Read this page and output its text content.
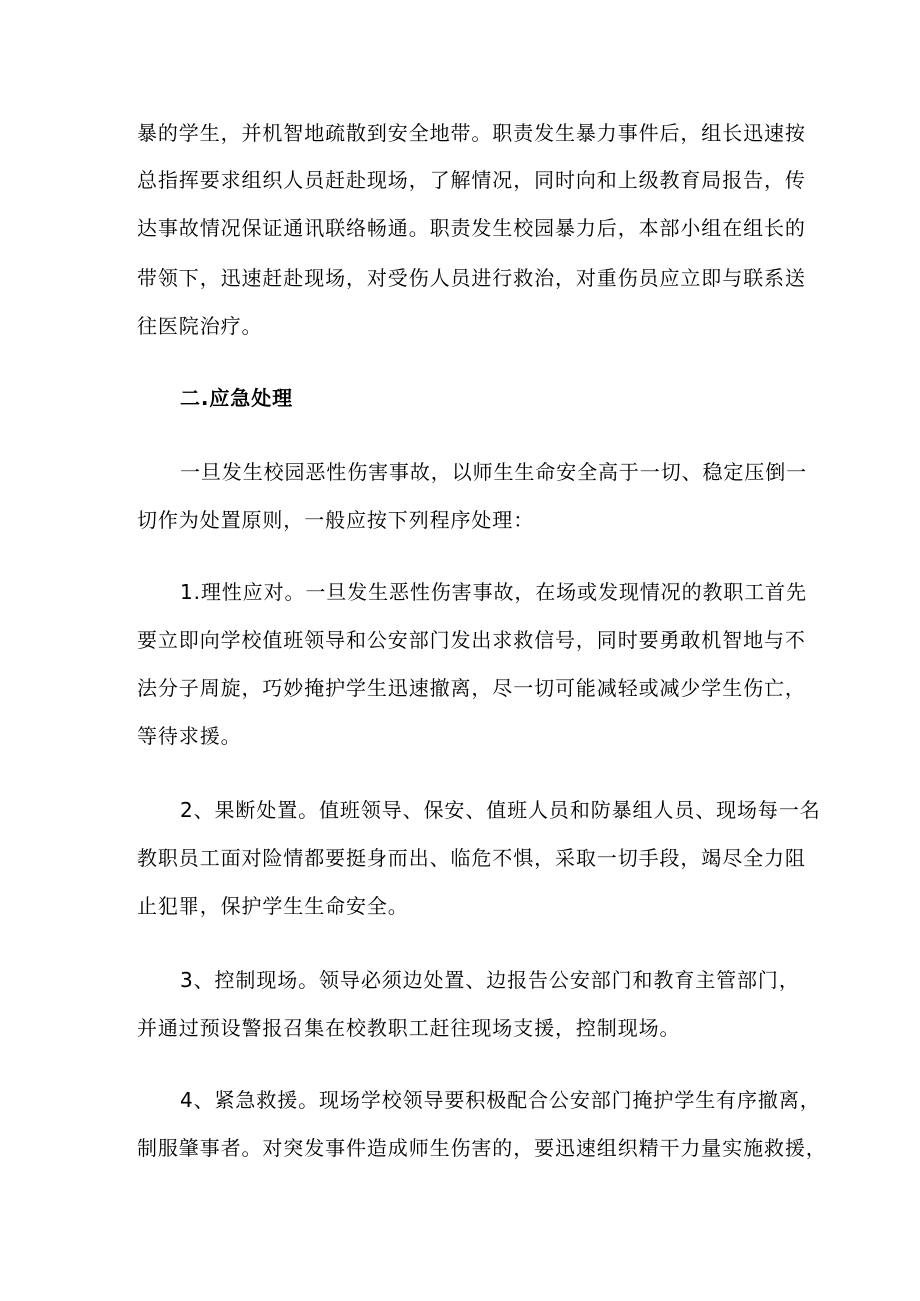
暴的学生，并机智地疏散到安全地带。职责发生暴力事件后，组长迅速按
总指挥要求组织人员赶赴现场，了解情况，同时向和上级教育局报告，传
达事故情况保证通讯联络畅通。职责发生校园暴力后，本部小组在组长的
带领下，迅速赶赴现场，对受伤人员进行救治，对重伤员应立即与联系送
往医院治疗。
二.应急处理
一旦发生校园恶性伤害事故，以师生生命安全高于一切、稳定压倒一
切作为处置原则，一般应按下列程序处理：
1.理性应对。一旦发生恶性伤害事故，在场或发现情况的教职工首先
要立即向学校值班领导和公安部门发出求救信号，同时要勇敢机智地与不
法分子周旋，巧妙掩护学生迅速撤离，尽一切可能减轻或减少学生伤亡，
等待求援。
2、果断处置。值班领导、保安、值班人员和防暴组人员、现场每一名
教职员工面对险情都要挺身而出、临危不惧，采取一切手段，竭尽全力阻
止犯罪，保护学生生命安全。
3、控制现场。领导必须边处置、边报告公安部门和教育主管部门，
并通过预设警报召集在校教职工赶往现场支援，控制现场。
4、紧急救援。现场学校领导要积极配合公安部门掩护学生有序撤离，
制服肇事者。对突发事件造成师生伤害的，要迅速组织精干力量实施救援，
